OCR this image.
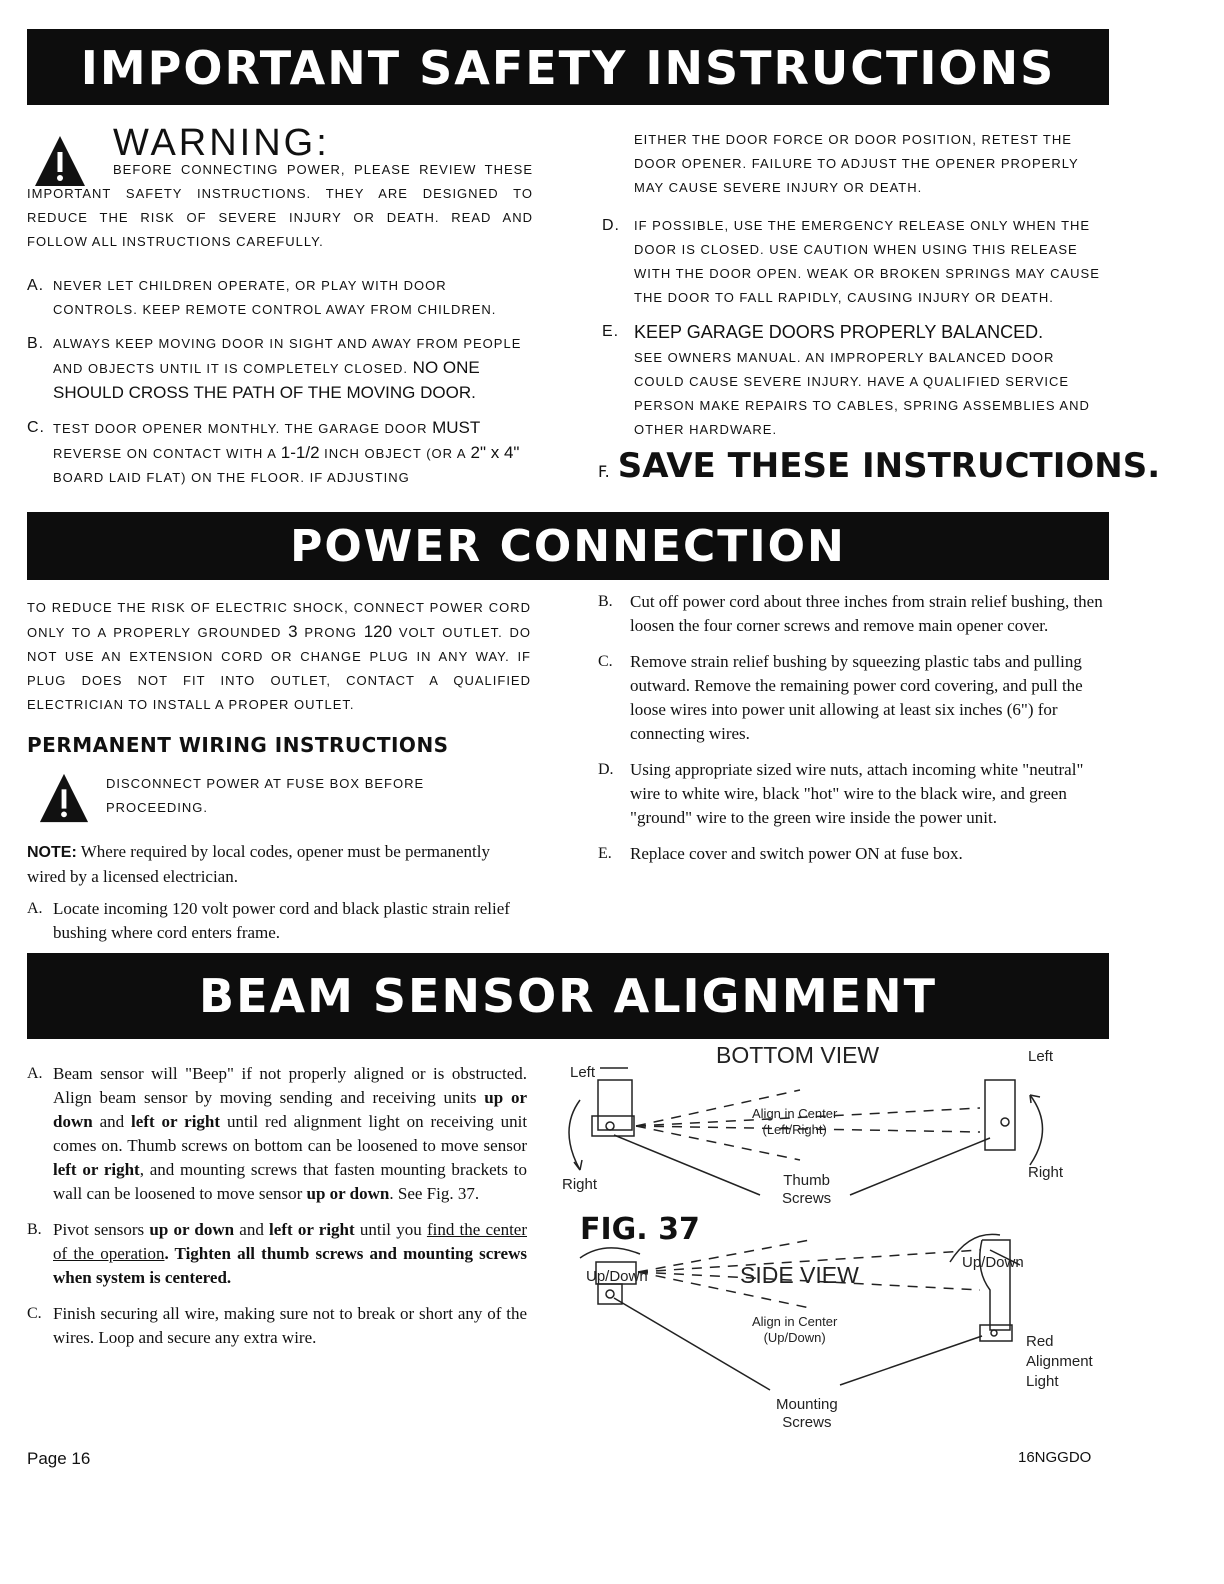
IMPORTANT SAFETY INSTRUCTIONS
WARNING:
BEFORE CONNECTING POWER, PLEASE REVIEW THESE IMPORTANT SAFETY INSTRUCTIONS. THEY ARE DESIGNED TO REDUCE THE RISK OF SEVERE INJURY OR DEATH. READ AND FOLLOW ALL INSTRUCTIONS CAREFULLY.
A. NEVER LET CHILDREN OPERATE, OR PLAY WITH DOOR CONTROLS. KEEP REMOTE CONTROL AWAY FROM CHILDREN.
B. ALWAYS KEEP MOVING DOOR IN SIGHT AND AWAY FROM PEOPLE AND OBJECTS UNTIL IT IS COMPLETELY CLOSED. NO ONE SHOULD CROSS THE PATH OF THE MOVING DOOR.
C. TEST DOOR OPENER MONTHLY. THE GARAGE DOOR MUST REVERSE ON CONTACT WITH A 1-1/2 INCH OBJECT (OR A 2" x 4" BOARD LAID FLAT) ON THE FLOOR. IF ADJUSTING
EITHER THE DOOR FORCE OR DOOR POSITION, RETEST THE DOOR OPENER. FAILURE TO ADJUST THE OPENER PROPERLY MAY CAUSE SEVERE INJURY OR DEATH.
D.	IF POSSIBLE, USE THE EMERGENCY RELEASE ONLY WHEN THE DOOR IS CLOSED. USE CAUTION WHEN USING THIS RELEASE WITH THE DOOR OPEN. WEAK OR BROKEN SPRINGS MAY CAUSE THE DOOR TO FALL RAPIDLY, CAUSING INJURY OR DEATH.
E. KEEP GARAGE DOORS PROPERLY BALANCED.
SEE OWNERS MANUAL. AN IMPROPERLY BALANCED DOOR COULD CAUSE SEVERE INJURY. HAVE A QUALIFIED SERVICE PERSON MAKE REPAIRS TO CABLES, SPRING ASSEMBLIES AND OTHER HARDWARE.
F. SAVE THESE INSTRUCTIONS.
POWER CONNECTION
TO REDUCE THE RISK OF ELECTRIC SHOCK, CONNECT POWER CORD ONLY TO A PROPERLY GROUNDED 3 PRONG 120 VOLT OUTLET. DO NOT USE AN EXTENSION CORD OR CHANGE PLUG IN ANY WAY. IF PLUG DOES NOT FIT INTO OUTLET, CONTACT A QUALIFIED ELECTRICIAN TO INSTALL A PROPER OUTLET.
PERMANENT WIRING INSTRUCTIONS
DISCONNECT POWER AT FUSE BOX BEFORE PROCEEDING.
NOTE: Where required by local codes, opener must be permanently wired by a licensed electrician.
A. Locate incoming 120 volt power cord and black plastic strain relief bushing where cord enters frame.
B.	Cut off power cord about three inches from strain relief bushing, then loosen the four corner screws and remove main opener cover.
C.	Remove strain relief bushing by squeezing plastic tabs and pulling outward. Remove the remaining power cord covering, and pull the loose wires into power unit allowing at least six inches (6") for connecting wires.
D. Using appropriate sized wire nuts, attach incoming white "neutral" wire to white wire, black "hot" wire to the black wire, and green "ground" wire to the green wire inside the power unit.
E.	Replace cover and switch power ON at fuse box.
BEAM SENSOR ALIGNMENT
A. Beam sensor will "Beep" if not properly aligned or is obstructed. Align beam sensor by moving sending and receiving units up or down and left or right until red alignment light on receiving unit comes on. Thumb screws on bottom can be loosened to move sensor left or right, and mounting screws that fasten mounting brackets to wall can be loosened to move sensor up or down. See Fig. 37.
B. Pivot sensors up or down and left or right until you find the center of the operation. Tighten all thumb screws and mounting screws when system is centered.
C. Finish securing all wire, making sure not to break or short any of the wires. Loop and secure any extra wire.
BOTTOM VIEW
Left
Left
Right
Right
Align in Center
(Left/Right)
Thumb
Screws
FIG. 37
SIDE VIEW
Up/Down
Up/Down
Align in Center
(Up/Down)	Red
Alignment
Light
Mounting
Screws
Page 16	16NGGDO
